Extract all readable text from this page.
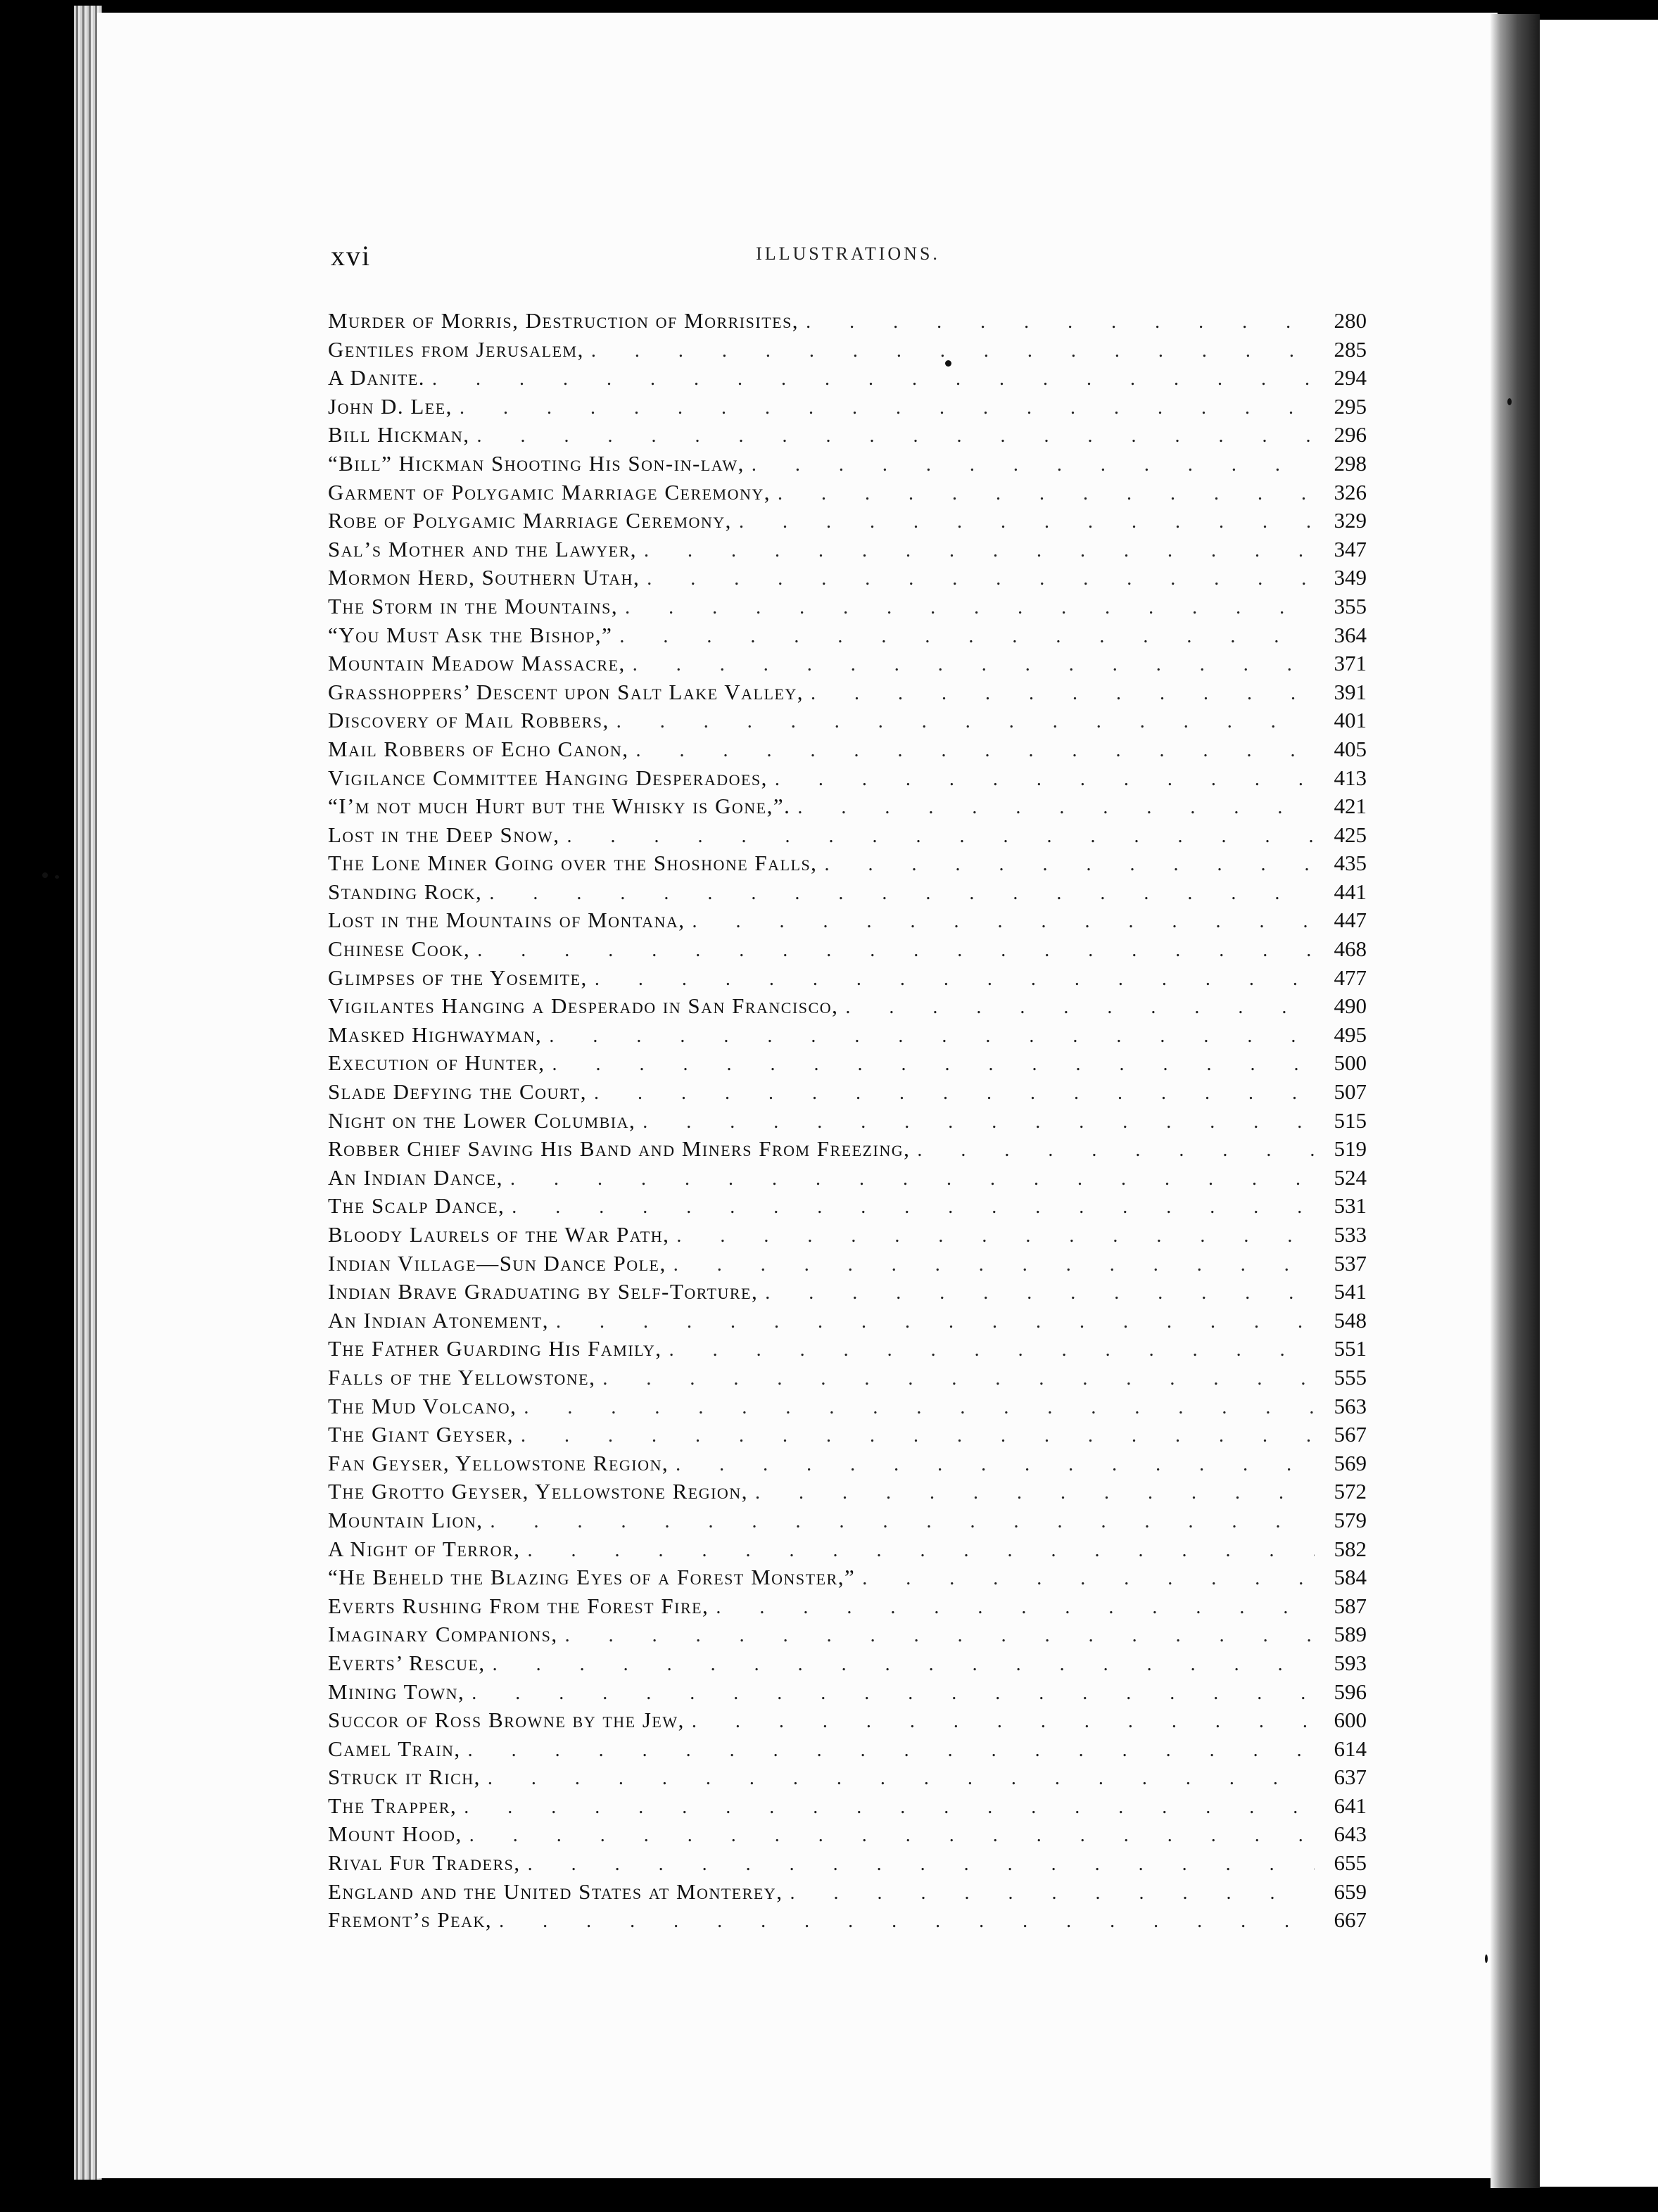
xvi	ILLUSTRATIONS.
Murder of Morris, Destruction of Morrisites, . . .	280
Gentiles from Jerusalem, . . .	285
A Danite. . . .	294
John D. Lee, . . .	295
Bill Hickman, . . .	296
“Bill” Hickman Shooting His Son-in-law, . . .	298
Garment of Polygamic Marriage Ceremony, . . .	326
Robe of Polygamic Marriage Ceremony, . . .	329
Sal’s Mother and the Lawyer, . . .	347
Mormon Herd, Southern Utah, . . .	349
The Storm in the Mountains, . . .	355
“You Must Ask the Bishop,” . . .	364
Mountain Meadow Massacre, . . .	371
Grasshoppers’ Descent upon Salt Lake Valley, . . .	391
Discovery of Mail Robbers, . . .	401
Mail Robbers of Echo Canon, . . .	405
Vigilance Committee Hanging Desperadoes, . . .	413
“I’m not much Hurt but the Whisky is Gone,”. . . .	421
Lost in the Deep Snow, . . .	425
The Lone Miner Going over the Shoshone Falls, . . .	435
Standing Rock, . . .	441
Lost in the Mountains of Montana, . . .	447
Chinese Cook, . . .	468
Glimpses of the Yosemite, . . .	477
Vigilantes Hanging a Desperado in San Francisco, . . .	490
Masked Highwayman, . . .	495
Execution of Hunter, . . .	500
Slade Defying the Court, . . .	507
Night on the Lower Columbia, . . .	515
Robber Chief Saving His Band and Miners From Freezing, . . .	519
An Indian Dance, . . .	524
The Scalp Dance, . . .	531
Bloody Laurels of the War Path, . . .	533
Indian Village—Sun Dance Pole, . . .	537
Indian Brave Graduating by Self-Torture, . . .	541
An Indian Atonement, . . .	548
The Father Guarding His Family, . . .	551
Falls of the Yellowstone, . . .	555
The Mud Volcano, . . .	563
The Giant Geyser, . . .	567
Fan Geyser, Yellowstone Region, . . .	569
The Grotto Geyser, Yellowstone Region, . . .	572
Mountain Lion, . . .	579
A Night of Terror, . . .	582
“He Beheld the Blazing Eyes of a Forest Monster,” . . .	584
Everts Rushing From the Forest Fire, . . .	587
Imaginary Companions, . . .	589
Everts’ Rescue, . . .	593
Mining Town, . . .	596
Succor of Ross Browne by the Jew, . . .	600
Camel Train, . . .	614
Struck it Rich, . . .	637
The Trapper, . . .	641
Mount Hood, . . .	643
Rival Fur Traders, . . .	655
England and the United States at Monterey, . . .	659
Fremont’s Peak, . . .	667
